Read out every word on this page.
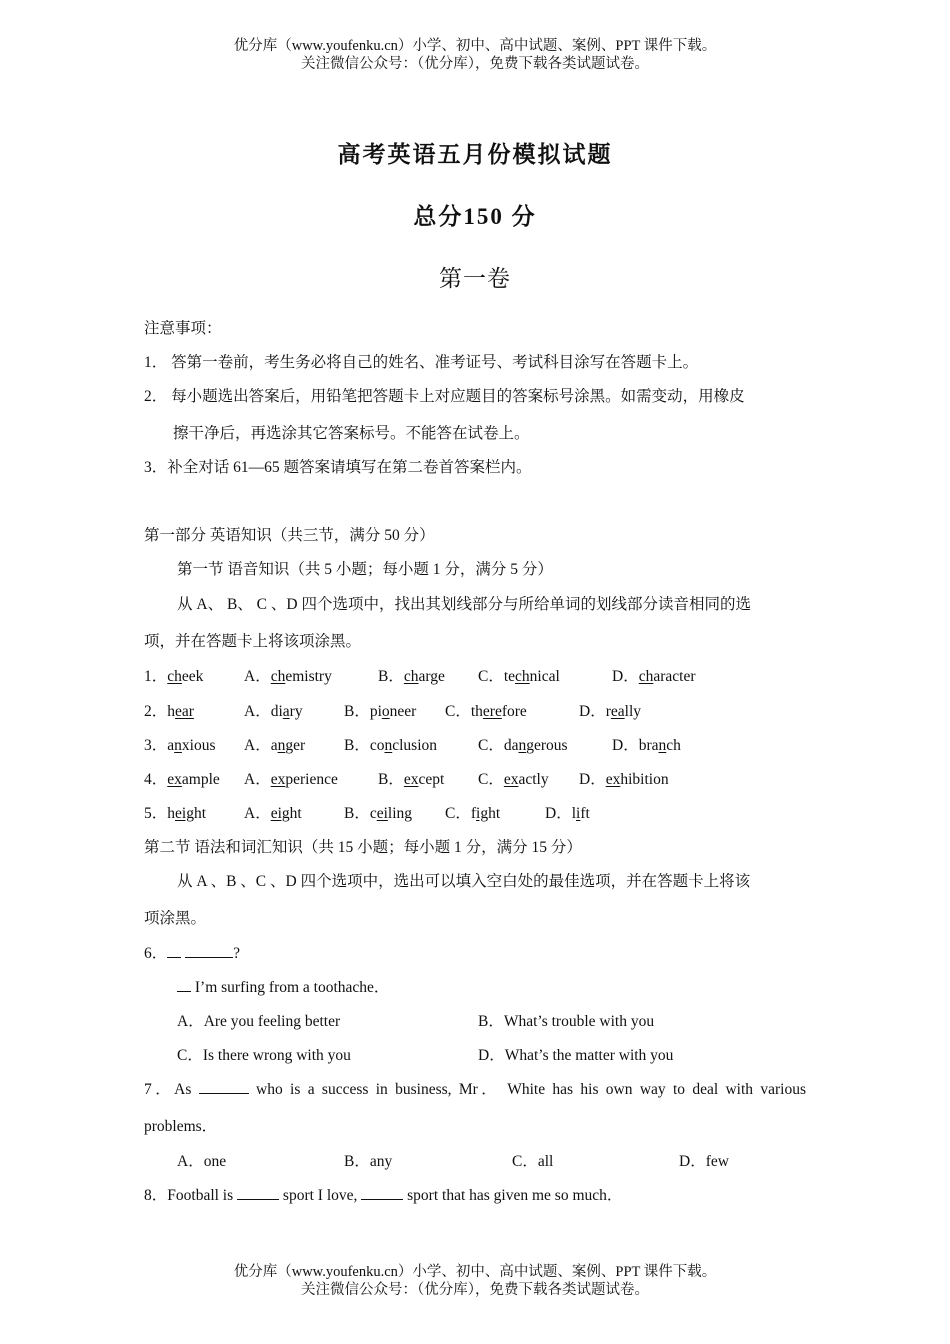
优分库（www.youfenku.cn）小学、初中、高中试题、案例、PPT 课件下载。
关注微信公众号：（优分库），免费下载各类试题试卷。
高考英语五月份模拟试题
总分150 分
第一卷
注意事项：
1． 答第一卷前，考生务必将自己的姓名、准考证号、考试科目涂写在答题卡上。
2． 每小题选出答案后，用铅笔把答题卡上对应题目的答案标号涂黑。如需变动，用橡皮
擦干净后，再选涂其它答案标号。不能答在试卷上。
3．补全对话 61—65 题答案请填写在第二卷首答案栏内。
第一部分 英语知识（共三节，满分 50 分）
第一节 语音知识（共 5 小题；每小题 1 分，满分 5 分）
从 A、 B、 C 、D 四个选项中，找出其划线部分与所给单词的划线部分读音相同的选
项，并在答题卡上将该项涂黑。
1．cheek	A．chemistry	B．charge C．technical	D．character
2．hear	A．diary	B．pioneer C．therefore	D．really
3．anxious A．anger	B．conclusion	C．dangerous	D．branch
4．example A．experience	B．except C．exactly D．exhibition
5．height A．eight	B．ceiling C．fight	D．lift
第二节 语法和词汇知识（共 15 小题；每小题 1 分，满分 15 分）
从 A 、B 、C 、D 四个选项中，选出可以填入空白处的最佳选项，并在答题卡上将该
项涂黑。
6．	?
I’m surfing from a toothache．
A．Are you feeling better	B．What’s trouble with you
C．Is there wrong with you	D．What’s the matter with you
7．As	who is a success in business, Mr． White has his own way to deal with various
problems．
A．one	B．any	C．all	D．few
8．Football is	sport I love,	sport that has given me so much．
优分库（www.youfenku.cn）小学、初中、高中试题、案例、PPT 课件下载。
关注微信公众号：（优分库），免费下载各类试题试卷。
